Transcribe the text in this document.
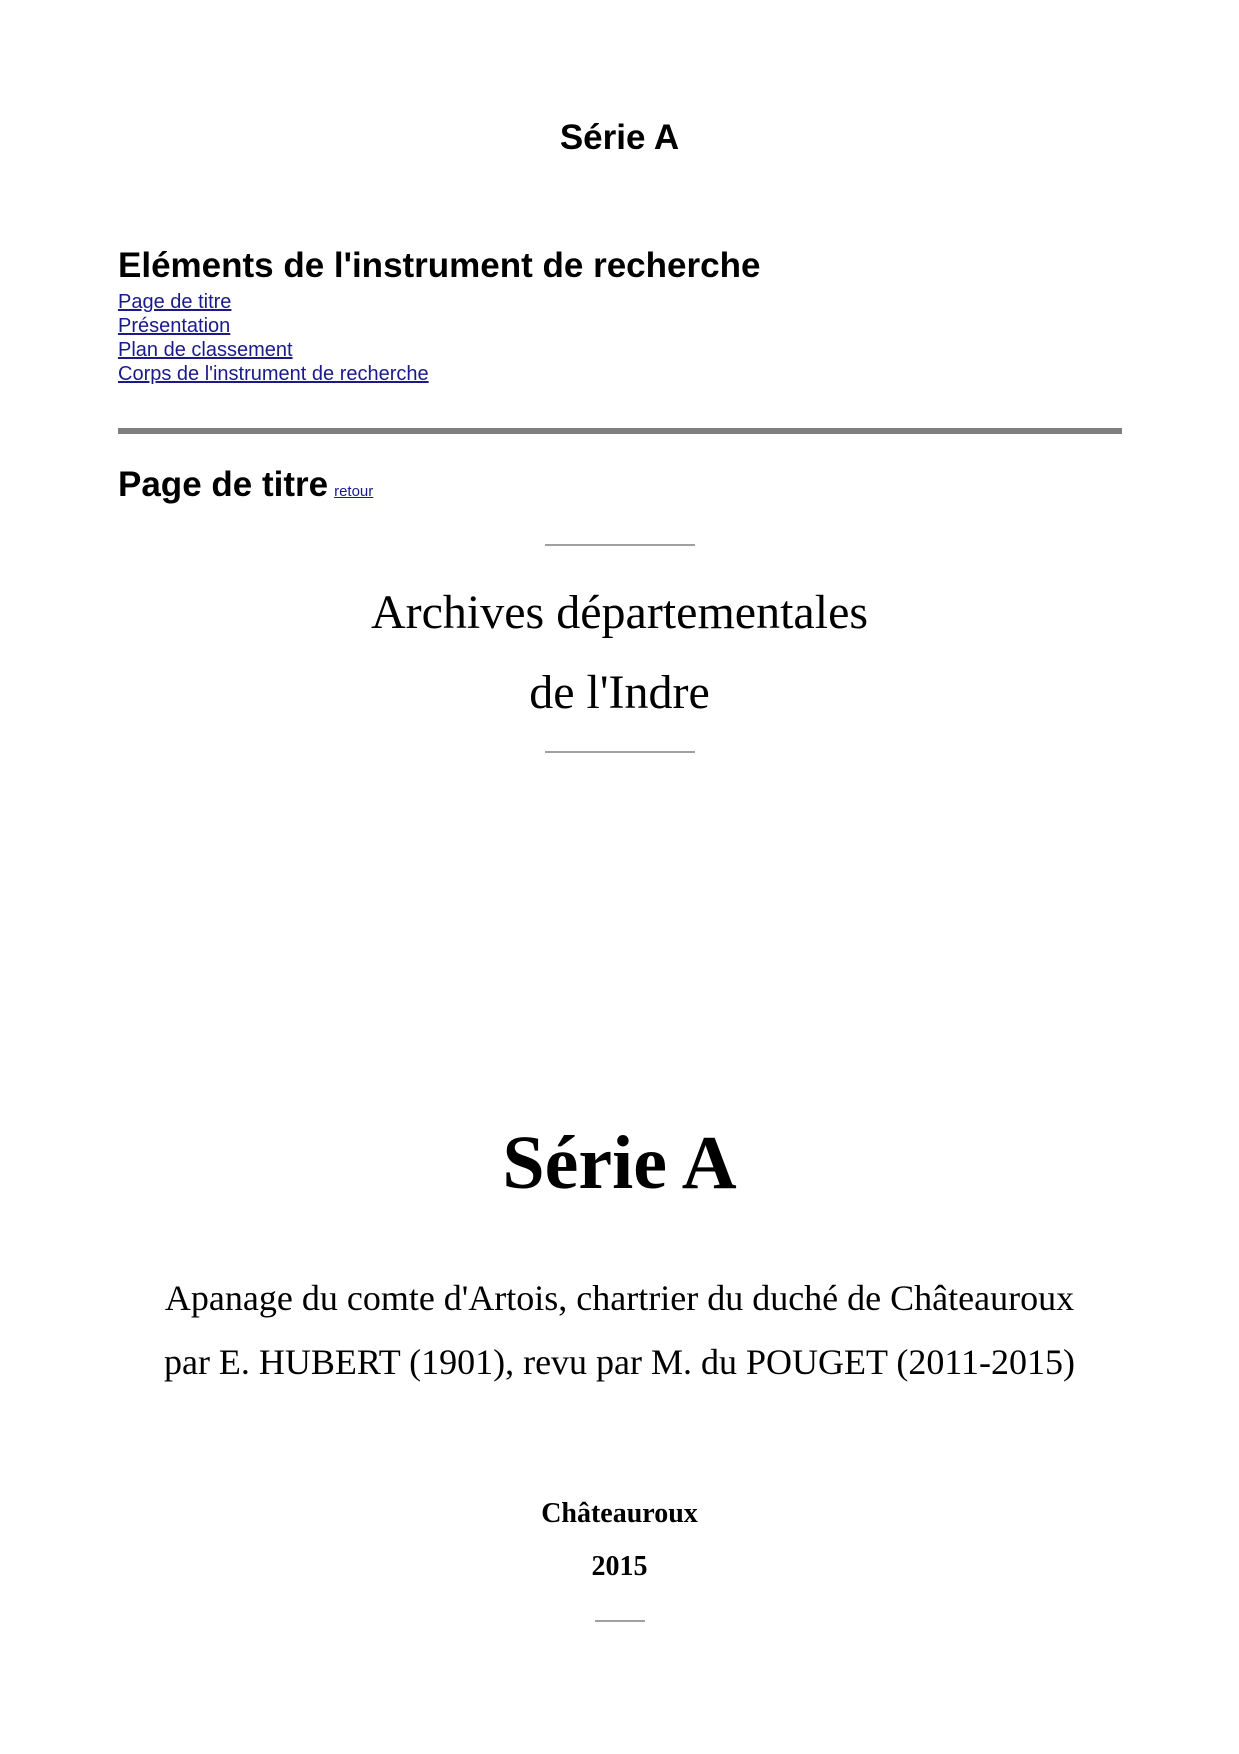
Série A
Eléments de l'instrument de recherche
Page de titre
Présentation
Plan de classement
Corps de l'instrument de recherche
Page de titre retour
Archives départementales
de l'Indre
Série A
Apanage du comte d'Artois, chartrier du duché de Châteauroux
par E. HUBERT (1901), revu par M. du POUGET (2011-2015)
Châteauroux
2015
